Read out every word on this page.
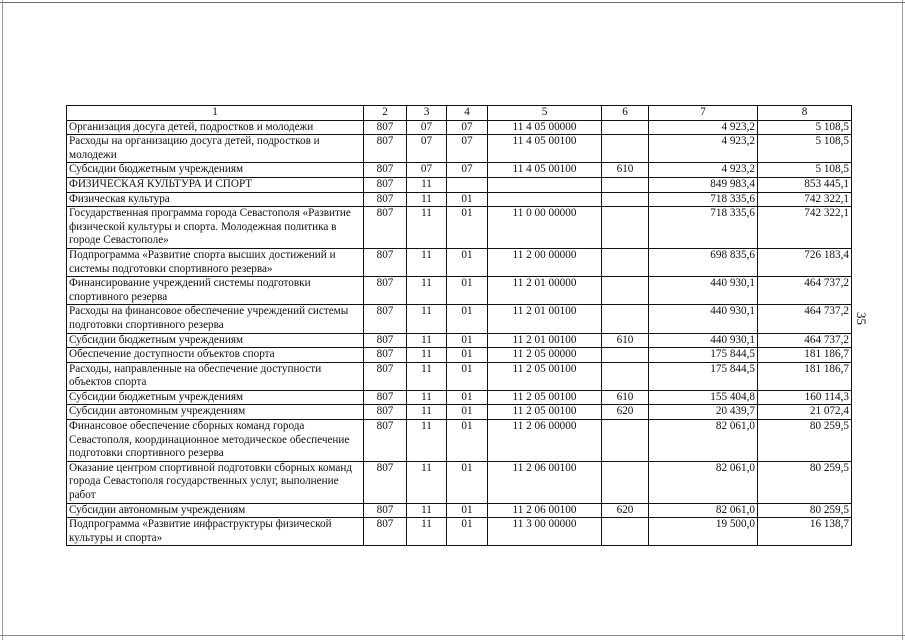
35
1	2	3	4	5	6	7	8
Организация досуга детей, подростков и молодежи	807	07	07	11 4 05 00000		4 923,2	5 108,5
Расходы на организацию досуга детей, подростков и молодежи	807	07	07	11 4 05 00100		4 923,2	5 108,5
Субсидии бюджетным учреждениям	807	07	07	11 4 05 00100	610	4 923,2	5 108,5
ФИЗИЧЕСКАЯ КУЛЬТУРА И СПОРТ	807	11				849 983,4	853 445,1
Физическая культура	807	11	01			718 335,6	742 322,1
Государственная программа города Севастополя «Развитие физической культуры и спорта. Молодежная политика в городе Севастополе»	807	11	01	11 0 00 00000		718 335,6	742 322,1
Подпрограмма «Развитие спорта высших достижений и системы подготовки спортивного резерва»	807	11	01	11 2 00 00000		698 835,6	726 183,4
Финансирование учреждений системы подготовки спортивного резерва	807	11	01	11 2 01 00000		440 930,1	464 737,2
Расходы на финансовое обеспечение учреждений системы подготовки спортивного резерва	807	11	01	11 2 01 00100		440 930,1	464 737,2
Субсидии бюджетным учреждениям	807	11	01	11 2 01 00100	610	440 930,1	464 737,2
Обеспечение доступности объектов спорта	807	11	01	11 2 05 00000		175 844,5	181 186,7
Расходы, направленные на обеспечение доступности объектов спорта	807	11	01	11 2 05 00100		175 844,5	181 186,7
Субсидии бюджетным учреждениям	807	11	01	11 2 05 00100	610	155 404,8	160 114,3
Субсидии автономным учреждениям	807	11	01	11 2 05 00100	620	20 439,7	21 072,4
Финансовое обеспечение сборных команд города Севастополя, координационное методическое обеспечение подготовки спортивного резерва	807	11	01	11 2 06 00000		82 061,0	80 259,5
Оказание центром спортивной подготовки сборных команд города Севастополя государственных услуг, выполнение работ	807	11	01	11 2 06 00100		82 061,0	80 259,5
Субсидии автономным учреждениям	807	11	01	11 2 06 00100	620	82 061,0	80 259,5
Подпрограмма «Развитие инфраструктуры физической культуры и спорта»	807	11	01	11 3 00 00000		19 500,0	16 138,7
